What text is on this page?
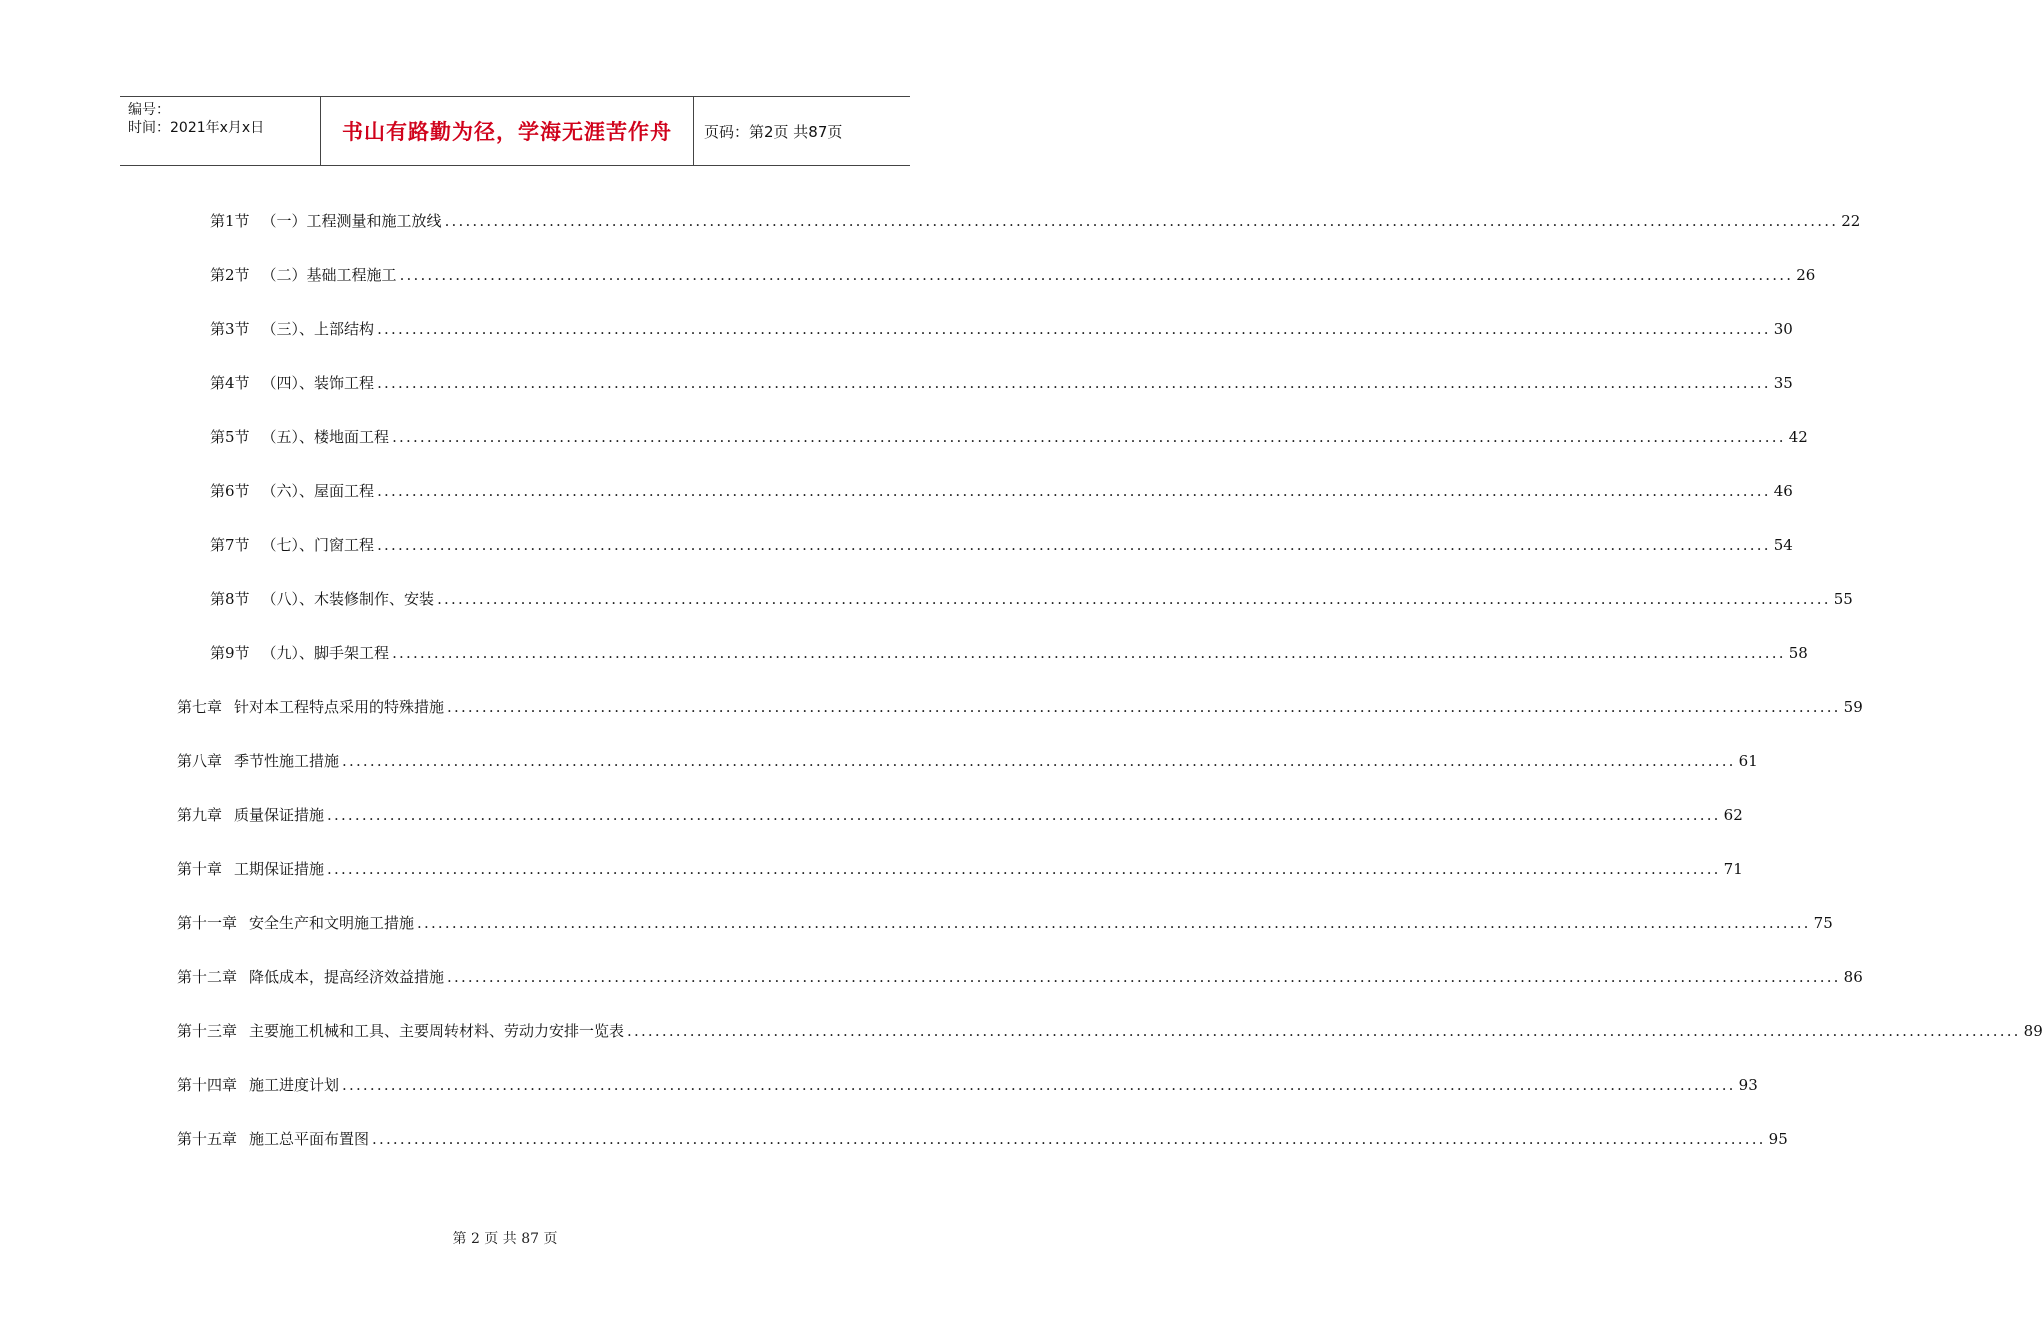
编号：
时间：2021年x月x日	书山有路勤为径，学海无涯苦作舟	页码：第2页 共87页
第1节 （一）工程测量和施工放线 ........................................................................................................................................................................................................ 22
第2节 （二）基础工程施工 ........................................................................................................................................................................................................ 26
第3节 （三）、上部结构 ........................................................................................................................................................................................................ 30
第4节 （四）、装饰工程 ........................................................................................................................................................................................................ 35
第5节 （五）、楼地面工程 ........................................................................................................................................................................................................ 42
第6节 （六）、屋面工程 ........................................................................................................................................................................................................ 46
第7节 （七）、门窗工程 ........................................................................................................................................................................................................ 54
第8节 （八）、木装修制作、安装 ........................................................................................................................................................................................................ 55
第9节 （九）、脚手架工程 ........................................................................................................................................................................................................ 58
第七章 针对本工程特点采用的特殊措施 ........................................................................................................................................................................................................ 59
第八章 季节性施工措施 ........................................................................................................................................................................................................ 61
第九章 质量保证措施 ........................................................................................................................................................................................................ 62
第十章 工期保证措施 ........................................................................................................................................................................................................ 71
第十一章 安全生产和文明施工措施 ........................................................................................................................................................................................................ 75
第十二章 降低成本，提高经济效益措施 ........................................................................................................................................................................................................ 86
第十三章 主要施工机械和工具、主要周转材料、劳动力安排一览表 ........................................................................................................................................................................................................ 89
第十四章 施工进度计划 ........................................................................................................................................................................................................ 93
第十五章 施工总平面布置图 ........................................................................................................................................................................................................ 95
第 2 页 共 87 页
